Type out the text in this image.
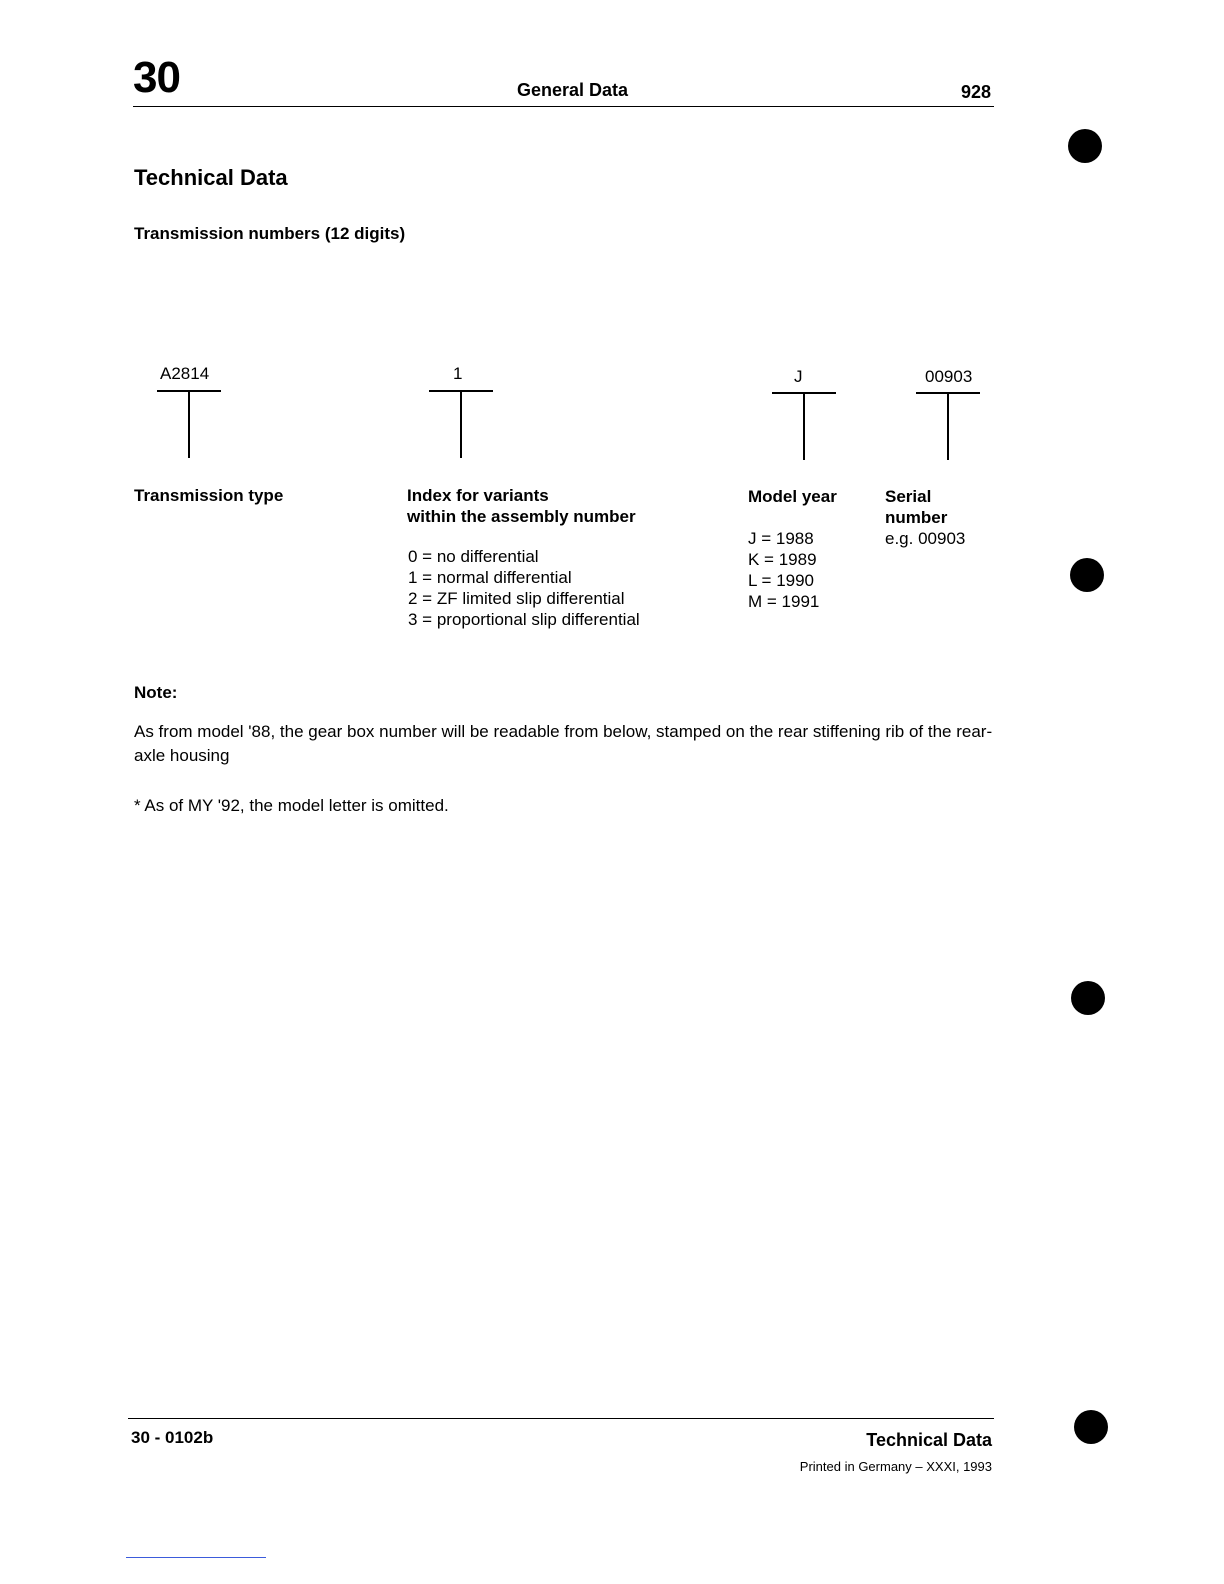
30	General Data	928
Technical Data
Transmission numbers (12 digits)
A2814
Transmission type
1
Index for variants
within the assembly number
0 = no differential
1 = normal differential
2 = ZF limited slip differential
3 = proportional slip differential
J
Model year
J = 1988
K = 1989
L = 1990
M = 1991
00903
Serial
number
e.g. 00903
Note:
As from model '88, the gear box number will be readable from below, stamped on the rear stiffening rib of the rear-axle housing
* As of MY '92, the model letter is omitted.
30 - 0102b	Technical Data
Printed in Germany – XXXI, 1993
